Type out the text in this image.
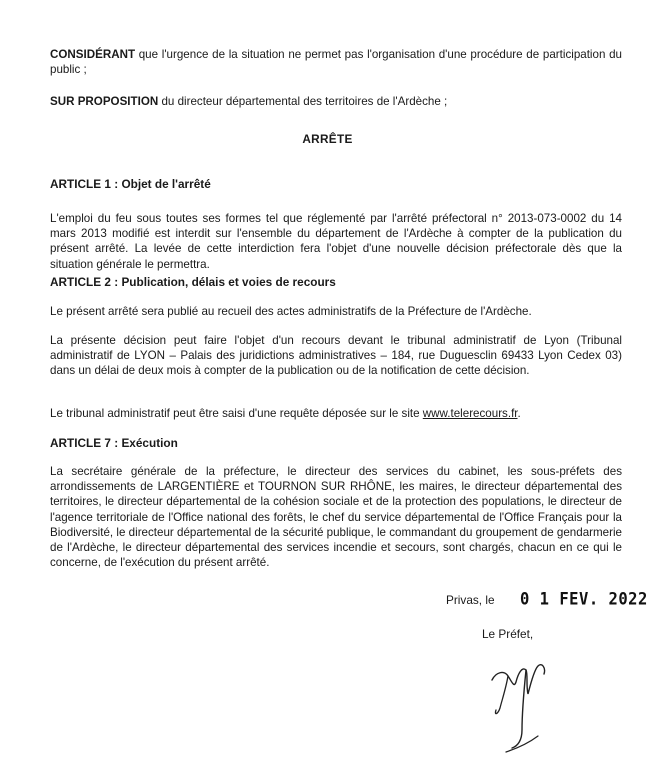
CONSIDÉRANT que l'urgence de la situation ne permet pas l'organisation d'une procédure de participation du public ;

SUR PROPOSITION du directeur départemental des territoires de l'Ardèche ;

ARRÊTE

ARTICLE 1 : Objet de l'arrêté

L'emploi du feu sous toutes ses formes tel que réglementé par l'arrêté préfectoral n° 2013-073-0002 du 14 mars 2013 modifié est interdit sur l'ensemble du département de l'Ardèche à compter de la publication du présent arrêté. La levée de cette interdiction fera l'objet d'une nouvelle décision préfectorale dès que la situation générale le permettra.

ARTICLE 2 : Publication, délais et voies de recours

Le présent arrêté sera publié au recueil des actes administratifs de la Préfecture de l'Ardèche.

La présente décision peut faire l'objet d'un recours devant le tribunal administratif de Lyon (Tribunal administratif de LYON – Palais des juridictions administratives – 184, rue Duguesclin 69433 Lyon Cedex 03) dans un délai de deux mois à compter de la publication ou de la notification de cette décision.

Le tribunal administratif peut être saisi d'une requête déposée sur le site www.telerecours.fr.

ARTICLE 7 : Exécution

La secrétaire générale de la préfecture, le directeur des services du cabinet, les sous-préfets des arrondissements de LARGENTIÈRE et TOURNON SUR RHÔNE, les maires, le directeur départemental des territoires, le directeur départemental de la cohésion sociale et de la protection des populations, le directeur de l'agence territoriale de l'Office national des forêts, le chef du service départemental de l'Office Français pour la Biodiversité, le directeur départemental de la sécurité publique, le commandant du groupement de gendarmerie de l'Ardèche, le directeur départemental des services incendie et secours, sont chargés, chacun en ce qui le concerne, de l'exécution du présent arrêté.

Privas, le 0 1 FEV. 2022
Le Préfet,
